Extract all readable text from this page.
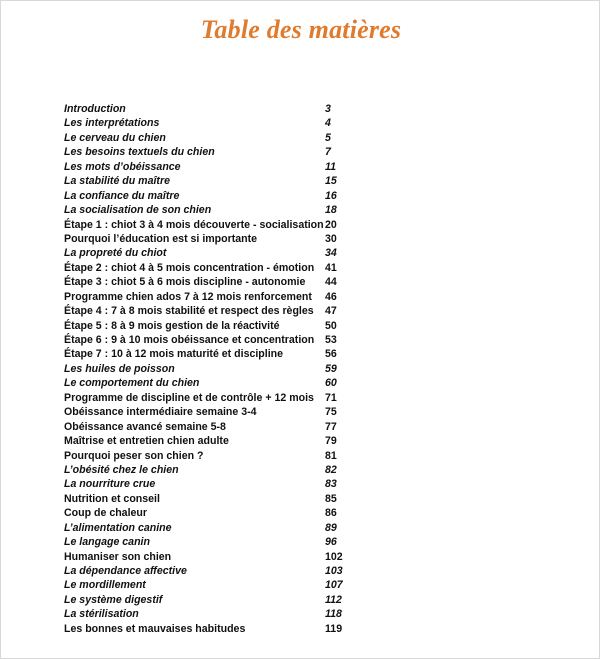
Table des matières
Introduction	3
Les interprétations	4
Le cerveau du chien	5
Les besoins textuels du chien	7
Les mots d’obéissance	11
La stabilité du maître	15
La confiance du maître	16
La socialisation de son chien	18
Étape 1 : chiot 3 à 4 mois découverte - socialisation 20
Pourquoi l’éducation est si importante	30
La propreté du chiot	34
Étape 2 : chiot 4 à 5 mois concentration - émotion 41
Étape 3 : chiot 5 à 6 mois discipline - autonomie 44
Programme chien ados 7 à 12 mois renforcement 46
Étape 4 : 7 à 8 mois stabilité et respect des règles 47
Étape 5 : 8 à 9 mois gestion de la réactivité	50
Étape 6 : 9 à 10 mois obéissance et concentration 53
Étape 7 : 10 à 12 mois maturité et discipline	56
Les huiles de poisson	59
Le comportement du chien	60
Programme de discipline et de contrôle + 12 mois 71
Obéissance intermédiaire semaine 3-4	75
Obéissance avancé semaine 5-8	77
Maîtrise et entretien chien adulte	79
Pourquoi peser son chien ?	81
L’obésité chez le chien	82
La nourriture crue	83
Nutrition et conseil	85
Coup de chaleur	86
L’alimentation canine	89
Le langage canin	96
Humaniser son chien	102
La dépendance affective	103
Le mordillement	107
Le système digestif	112
La stérilisation	118
Les bonnes et mauvaises habitudes	119
